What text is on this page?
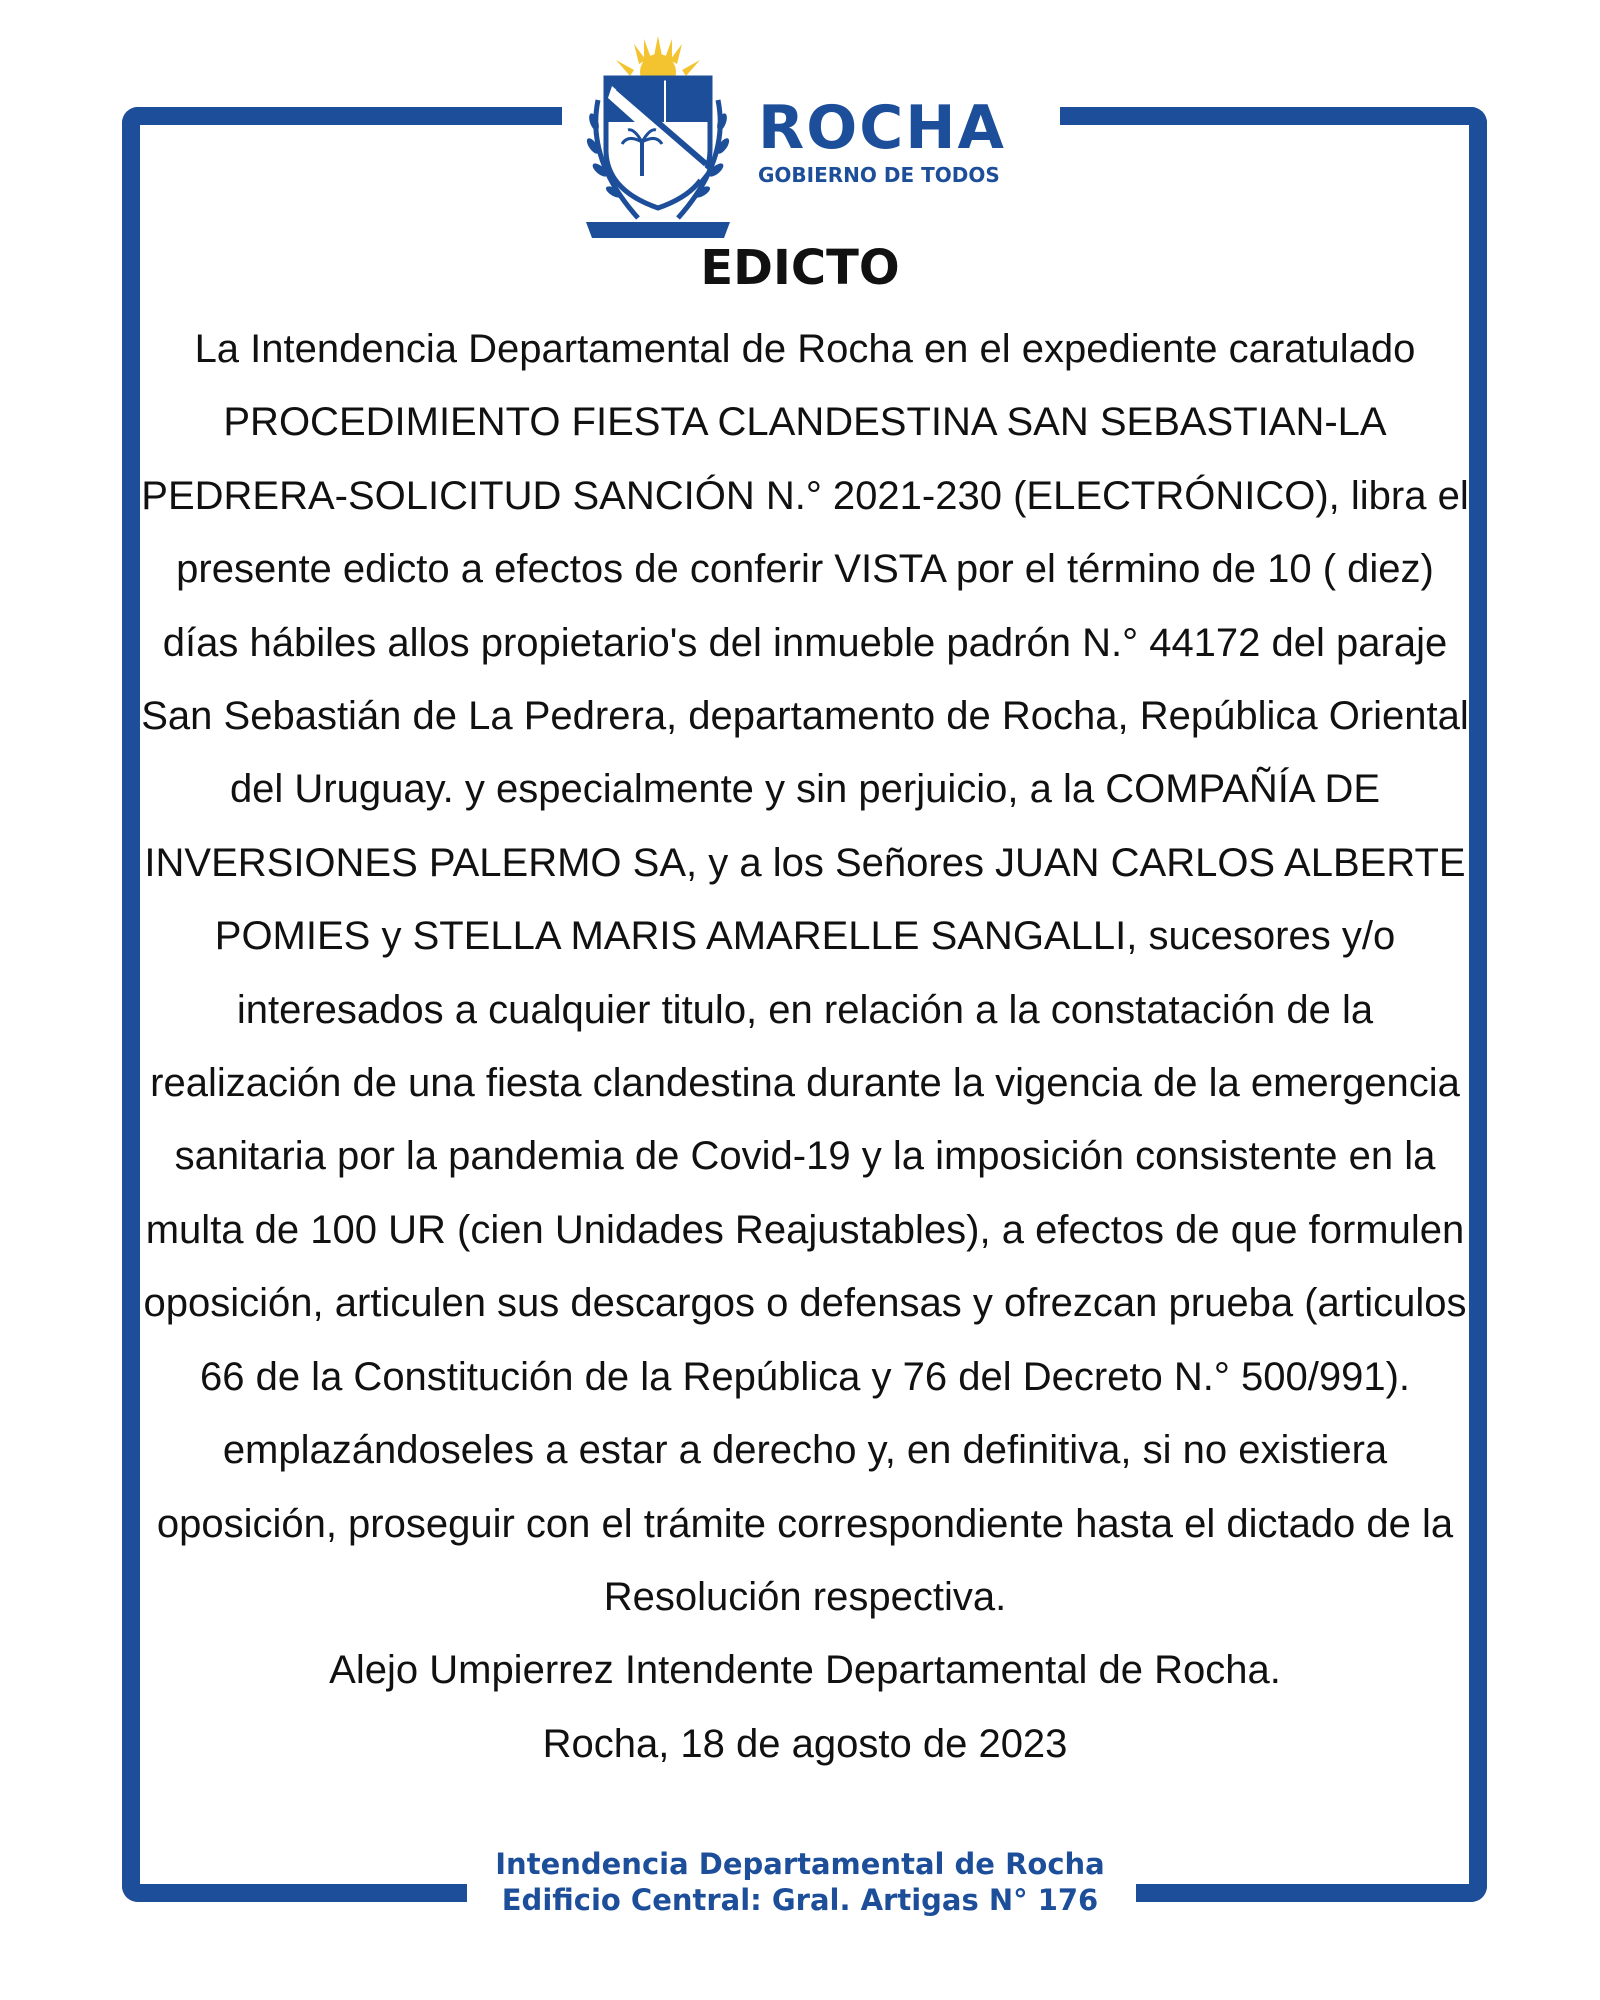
ROCHA
GOBIERNO DE TODOS
EDICTO

La Intendencia Departamental de Rocha en el expediente caratulado PROCEDIMIENTO FIESTA CLANDESTINA SAN SEBASTIAN-LA PEDRERA-SOLICITUD SANCIÓN N.° 2021-230 (ELECTRÓNICO), libra el presente edicto a efectos de conferir VISTA por el término de 10 ( diez) días hábiles allos propietario's del inmueble padrón N.° 44172 del paraje San Sebastián de La Pedrera, departamento de Rocha, República Oriental del Uruguay. y especialmente y sin perjuicio, a la COMPAÑÍA DE INVERSIONES PALERMO SA, y a los Señores JUAN CARLOS ALBERTE POMIES y STELLA MARIS AMARELLE SANGALLI, sucesores y/o interesados a cualquier titulo, en relación a la constatación de la realización de una fiesta clandestina durante la vigencia de la emergencia sanitaria por la pandemia de Covid-19 y la imposición consistente en la multa de 100 UR (cien Unidades Reajustables), a efectos de que formulen oposición, articulen sus descargos o defensas y ofrezcan prueba (articulos 66 de la Constitución de la República y 76 del Decreto N.° 500/991). emplazándoseles a estar a derecho y, en definitiva, si no existiera oposición, proseguir con el trámite correspondiente hasta el dictado de la Resolución respectiva.

Alejo Umpierrez Intendente Departamental de Rocha.

Rocha, 18 de agosto de 2023

Intendencia Departamental de Rocha
Edificio Central: Gral. Artigas N° 176
